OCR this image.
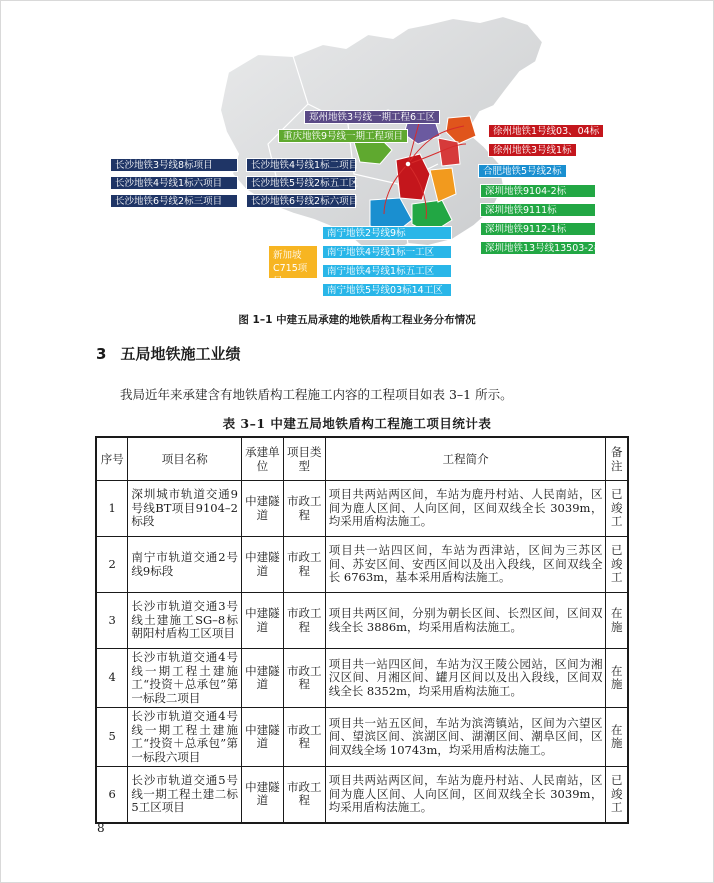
郑州地铁3号线一期工程6工区
重庆地铁9号线一期工程项目	徐州地铁1号线03、04标
徐州地铁3号线1标
合肥地铁5号线2标
长沙地铁3号线8标项目
长沙地铁4号线1标六项目
长沙地铁6号线2标三项目
长沙地铁4号线1标二项目
长沙地铁5号线2标五工区
长沙地铁6号线2标六项目
深圳地铁9104-2标
深圳地铁9111标
深圳地铁9112-1标
深圳地铁13号线13503-2标
南宁地铁2号线9标
南宁地铁4号线1标一工区
南宁地铁4号线1标五工区
南宁地铁5号线03标14工区
新加坡C715项目
图 1–1 中建五局承建的地铁盾构工程业务分布情况
3 五局地铁施工业绩
我局近年来承建含有地铁盾构工程施工内容的工程项目如表 3–1 所示。
表 3–1 中建五局地铁盾构工程施工项目统计表
序号	项目名称	承建单位	项目类型	工程简介	备注
1	深圳城市轨道交通9号线BT项目9104–2标段	中建隧道	市政工程	项目共两站两区间，车站为鹿丹村站、人民南站，区间为鹿人区间、人向区间，区间双线全长 3039m，均采用盾构法施工。	已竣工
2	南宁市轨道交通2号线9标段	中建隧道	市政工程	项目共一站四区间，车站为西津站，区间为三苏区间、苏安区间、安西区间以及出入段线，区间双线全长 6763m，基本采用盾构法施工。	已竣工
3	长沙市轨道交通3号线土建施工SG–8标朝阳村盾构工区项目	中建隧道	市政工程	项目共两区间，分别为朝长区间、长烈区间，区间双线全长 3886m，均采用盾构法施工。	在施
4	长沙市轨道交通4号线一期工程土建施工“投资＋总承包”第一标段二项目	中建隧道	市政工程	项目共一站四区间，车站为汉王陵公园站，区间为湘汉区间、月湘区间、罐月区间以及出入段线，区间双线全长 8352m，均采用盾构法施工。	在施
5	长沙市轨道交通4号线一期工程土建施工“投资＋总承包”第一标段六项目	中建隧道	市政工程	项目共一站五区间，车站为滨湾镇站，区间为六望区间、望滨区间、滨湖区间、湖潮区间、潮阜区间，区间双线全场 10743m，均采用盾构法施工。	在施
6	长沙市轨道交通5号线一期工程土建二标5工区项目	中建隧道	市政工程	项目共两站两区间，车站为鹿丹村站、人民南站，区间为鹿人区间、人向区间，区间双线全长 3039m，均采用盾构法施工。	已竣工
8
